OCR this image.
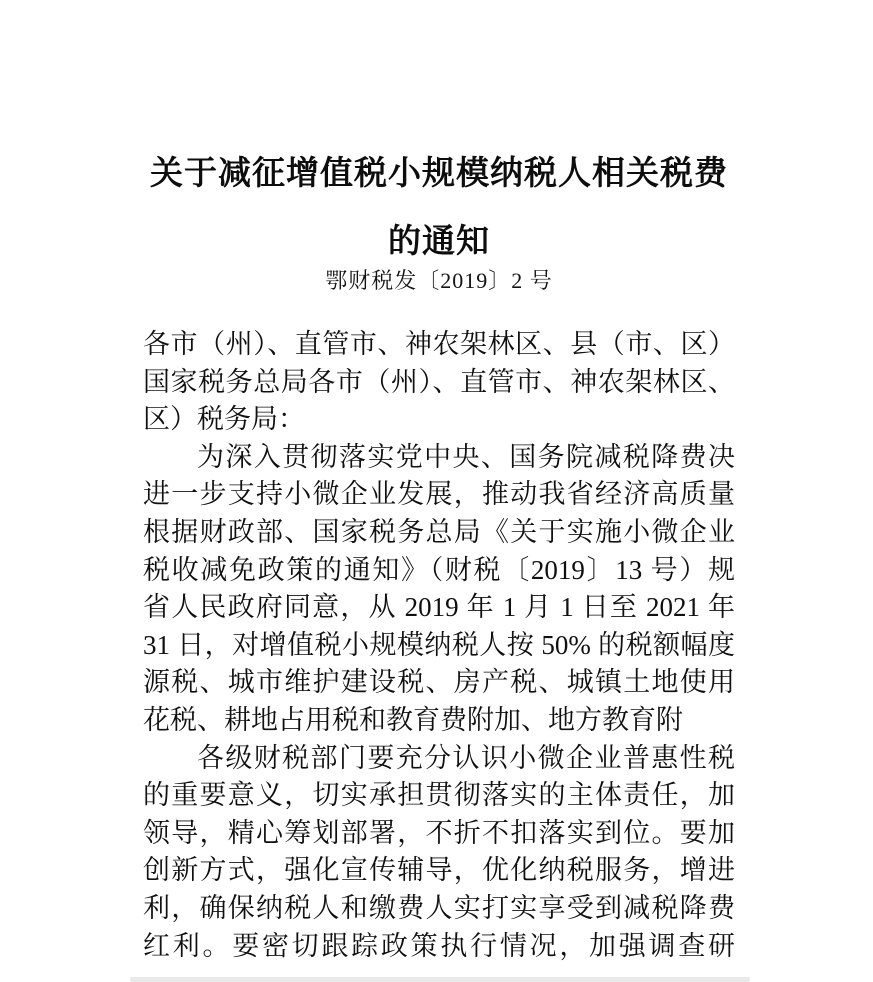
关于减征增值税小规模纳税人相关税费
的通知
鄂财税发〔2019〕2 号
各市（州）、直管市、神农架林区、县（市、区）
国家税务总局各市（州）、直管市、神农架林区、
区）税务局：
为深入贯彻落实党中央、国务院减税降费决
进一步支持小微企业发展，推动我省经济高质量
根据财政部、国家税务总局《关于实施小微企业
税收减免政策的通知》（财税〔2019〕13 号）规
省人民政府同意，从 2019 年 1 月 1 日至 2021 年
31 日，对增值税小规模纳税人按 50% 的税额幅度
源税、城市维护建设税、房产税、城镇土地使用
花税、耕地占用税和教育费附加、地方教育附
各级财税部门要充分认识小微企业普惠性税
的重要意义，切实承担贯彻落实的主体责任，加
领导，精心筹划部署，不折不扣落实到位。要加
创新方式，强化宣传辅导，优化纳税服务，增进
利，确保纳税人和缴费人实打实享受到减税降费
红利。要密切跟踪政策执行情况，加强调查研
